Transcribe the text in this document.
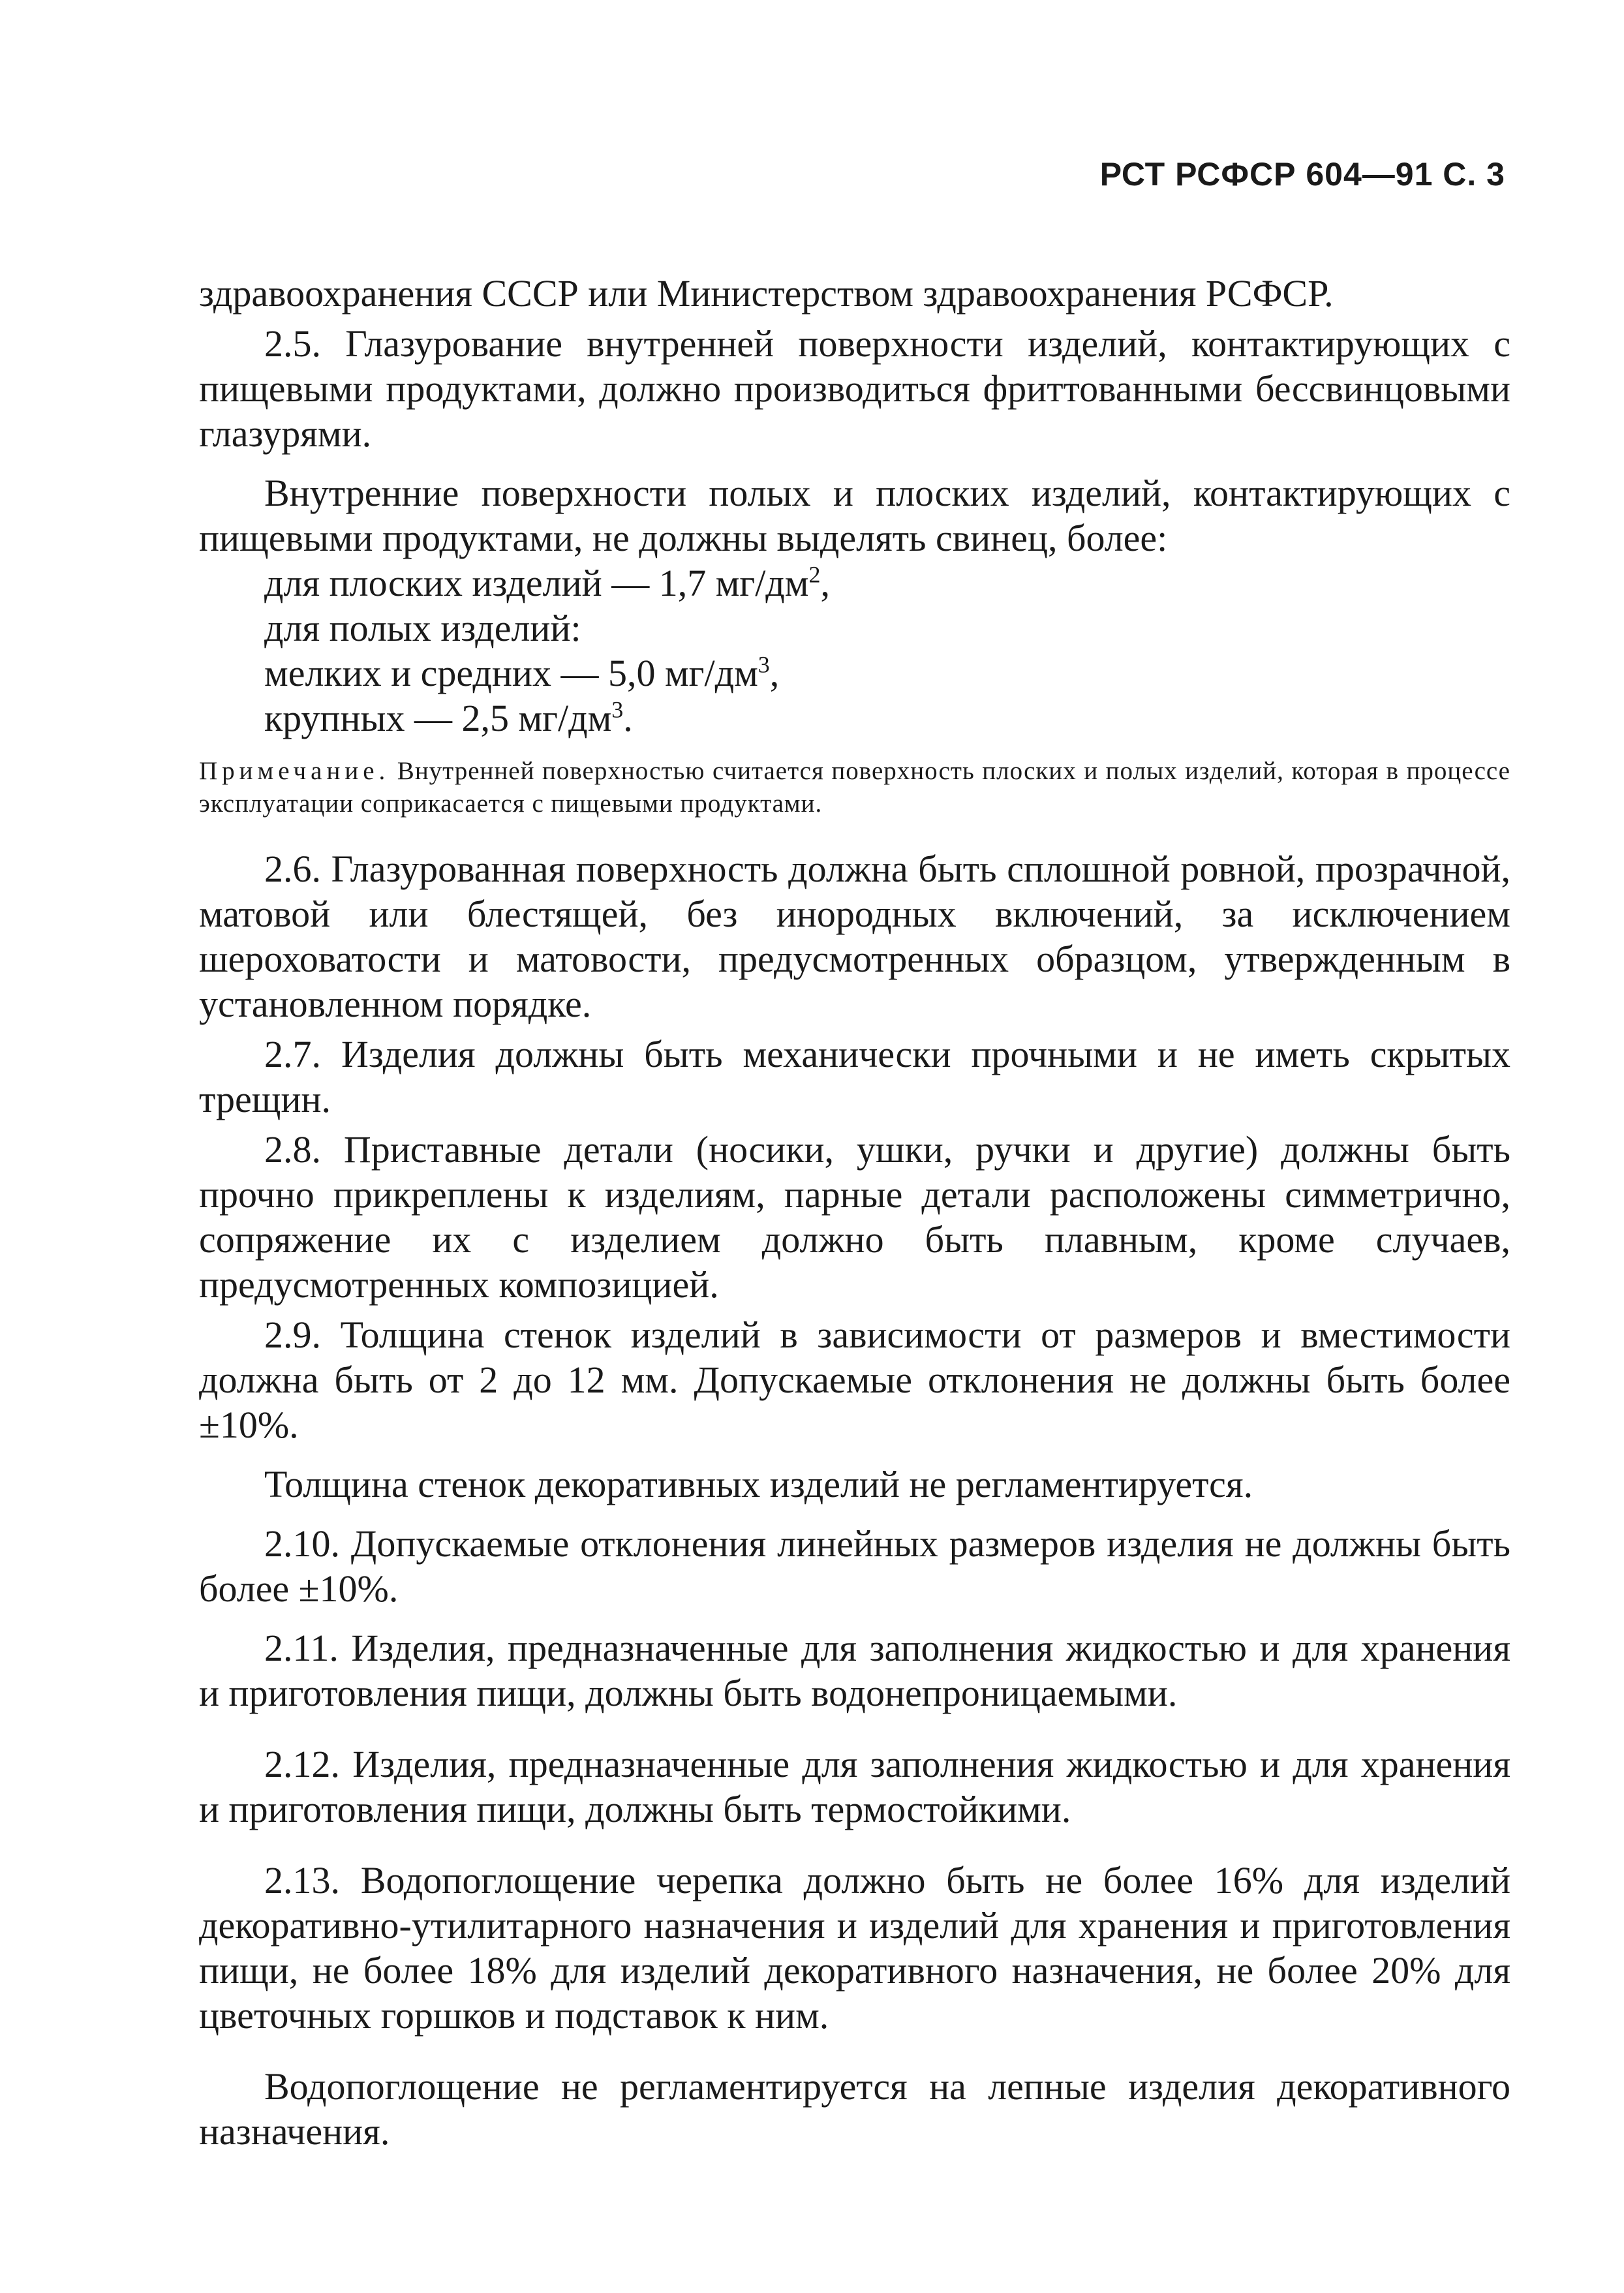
РСТ РСФСР 604—91 С. 3

здравоохранения СССР или Министерством здравоохранения РСФСР.

2.5. Глазурование внутренней поверхности изделий, контактирующих с пищевыми продуктами, должно производиться фриттованными бессвинцовыми глазурями.

Внутренние поверхности полых и плоских изделий, контактирующих с пищевыми продуктами, не должны выделять свинец, более:

для плоских изделий — 1,7 $мг/дм^2$,
для полых изделий:
мелких и средних — 5,0 $мг/дм^3$,
крупных — 2,5 $мг/дм^3$.

Примечание. Внутренней поверхностью считается поверхность плоских и полых изделий, которая в процессе эксплуатации соприкасается с пищевыми продуктами.

2.6. Глазурованная поверхность должна быть сплошной ровной, прозрачной, матовой или блестящей, без инородных включений, за исключением шероховатости и матовости, предусмотренных образцом, утвержденным в установленном порядке.

2.7. Изделия должны быть механически прочными и не иметь скрытых трещин.

2.8. Приставные детали (носики, ушки, ручки и другие) должны быть прочно прикреплены к изделиям, парные детали расположены симметрично, сопряжение их с изделием должно быть плавным, кроме случаев, предусмотренных композицией.

2.9. Толщина стенок изделий в зависимости от размеров и вместимости должна быть от 2 до 12 мм. Допускаемые отклонения не должны быть более ±10%.

Толщина стенок декоративных изделий не регламентируется.

2.10. Допускаемые отклонения линейных размеров изделия не должны быть более ±10%.

2.11. Изделия, предназначенные для заполнения жидкостью и для хранения и приготовления пищи, должны быть водонепроницаемыми.

2.12. Изделия, предназначенные для заполнения жидкостью и для хранения и приготовления пищи, должны быть термостойкими.

2.13. Водопоглощение черепка должно быть не более 16% для изделий декоративно-утилитарного назначения и изделий для хранения и приготовления пищи, не более 18% для изделий декоративного назначения, не более 20% для цветочных горшков и подставок к ним.

Водопоглощение не регламентируется на лепные изделия декоративного назначения.
